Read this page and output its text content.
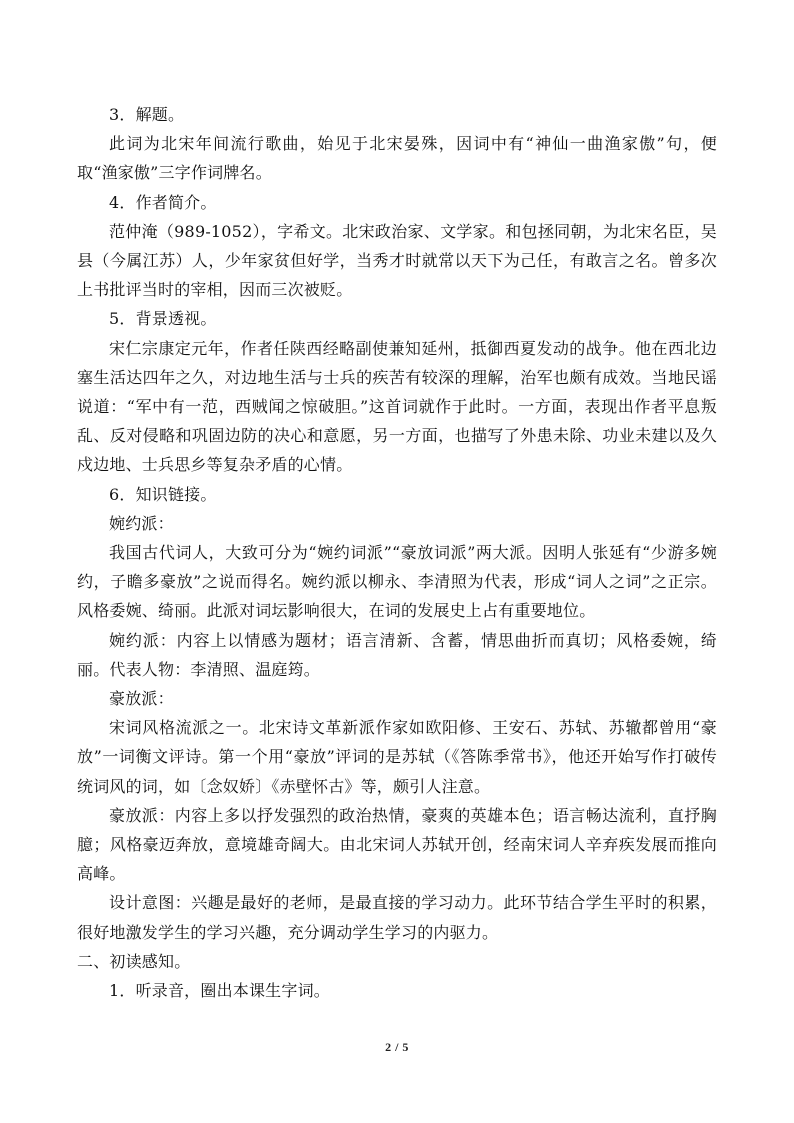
3．解题。

此词为北宋年间流行歌曲，始见于北宋晏殊，因词中有“神仙一曲渔家傲”句，便取“渔家傲”三字作词牌名。

4．作者简介。

范仲淹（989-1052），字希文。北宋政治家、文学家。和包拯同朝，为北宋名臣，吴县（今属江苏）人，少年家贫但好学，当秀才时就常以天下为己任，有敢言之名。曾多次上书批评当时的宰相，因而三次被贬。

5．背景透视。

宋仁宗康定元年，作者任陕西经略副使兼知延州，抵御西夏发动的战争。他在西北边塞生活达四年之久，对边地生活与士兵的疾苦有较深的理解，治军也颇有成效。当地民谣说道：“军中有一范，西贼闻之惊破胆。”这首词就作于此时。一方面，表现出作者平息叛乱、反对侵略和巩固边防的决心和意愿，另一方面，也描写了外患未除、功业未建以及久戍边地、士兵思乡等复杂矛盾的心情。

6．知识链接。

婉约派：

我国古代词人，大致可分为“婉约词派”“豪放词派”两大派。因明人张延有“少游多婉约，子瞻多豪放”之说而得名。婉约派以柳永、李清照为代表，形成“词人之词”之正宗。风格委婉、绮丽。此派对词坛影响很大，在词的发展史上占有重要地位。

婉约派：内容上以情感为题材；语言清新、含蓄，情思曲折而真切；风格委婉，绮丽。代表人物：李清照、温庭筠。

豪放派：

宋词风格流派之一。北宋诗文革新派作家如欧阳修、王安石、苏轼、苏辙都曾用“豪放”一词衡文评诗。第一个用“豪放”评词的是苏轼（《答陈季常书》，他还开始写作打破传统词风的词，如〔念奴娇〕《赤壁怀古》等，颇引人注意。

豪放派：内容上多以抒发强烈的政治热情，豪爽的英雄本色；语言畅达流利，直抒胸臆；风格豪迈奔放，意境雄奇阔大。由北宋词人苏轼开创，经南宋词人辛弃疾发展而推向高峰。

设计意图：兴趣是最好的老师，是最直接的学习动力。此环节结合学生平时的积累，很好地激发学生的学习兴趣，充分调动学生学习的内驱力。

二、初读感知。

1．听录音，圈出本课生字词。

2 / 5
